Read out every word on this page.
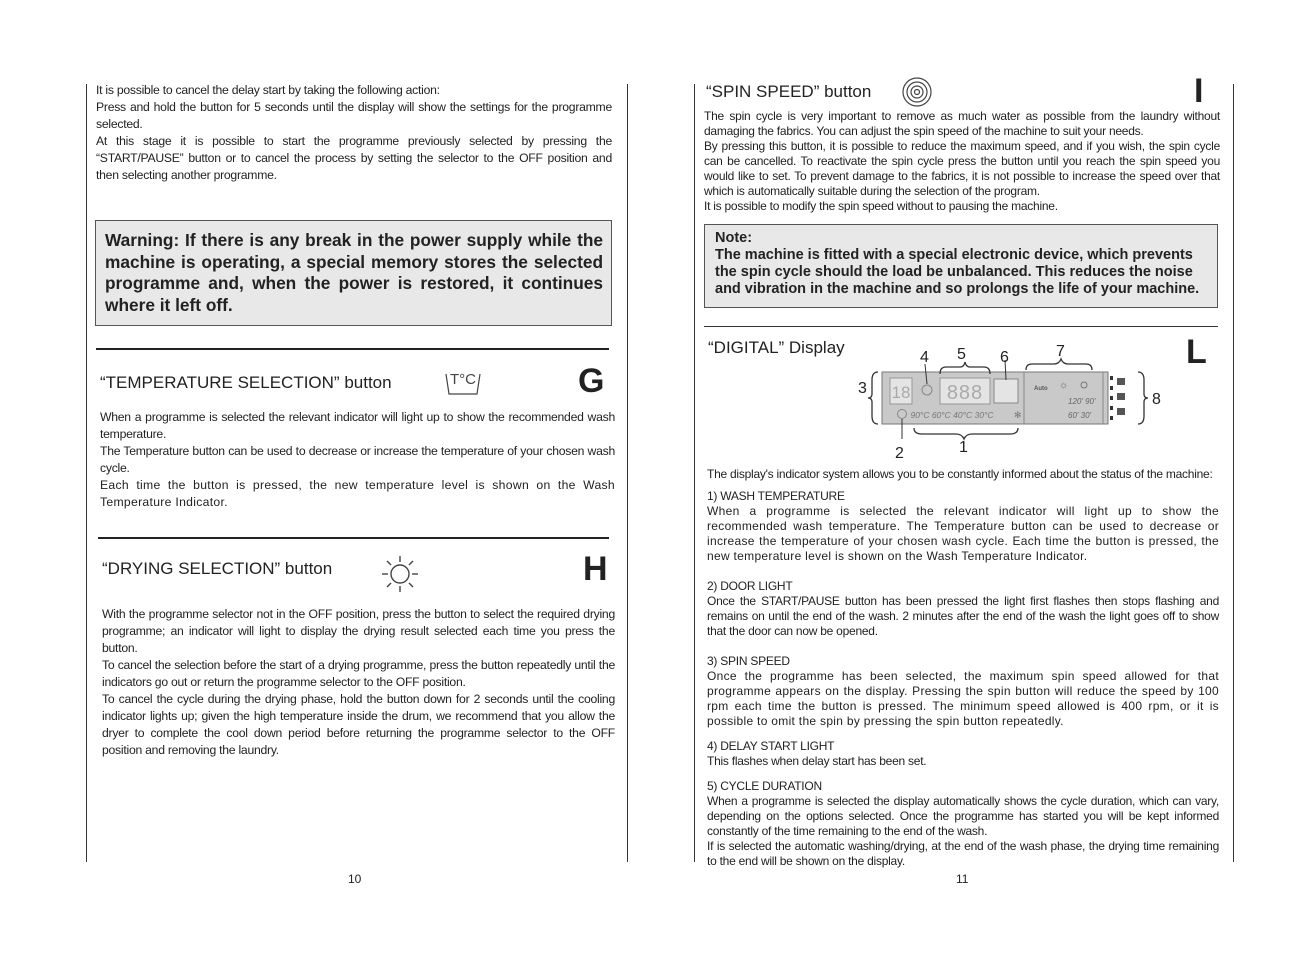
It is possible to cancel the delay start by taking the following action:

Press and hold the button for 5 seconds until the display will show the settings for the programme selected.

At this stage it is possible to start the programme previously selected by pressing the “START/PAUSE” button or to cancel the process by setting the selector to the OFF position and then selecting another programme.

Warning: If there is any break in the power supply while the machine is operating, a special memory stores the selected programme and, when the power is restored, it continues where it left off.
“TEMPERATURE SELECTION” button	T°C	G

When a programme is selected the relevant indicator will light up to show the recommended wash temperature.

The Temperature button can be used to decrease or increase the temperature of your chosen wash cycle.

Each time the button is pressed, the new temperature level is shown on the Wash Temperature Indicator.

“DRYING SELECTION” button	H

With the programme selector not in the OFF position, press the button to select the required drying programme; an indicator will light to display the drying result selected each time you press the button.

To cancel the selection before the start of a drying programme, press the button repeatedly until the indicators go out or return the programme selector to the OFF position.

To cancel the cycle during the drying phase, hold the button down for 2 seconds until the cooling indicator lights up; given the high temperature inside the drum, we recommend that you allow the dryer to complete the cool down period before returning the programme selector to the OFF position and removing the laundry.

10
“SPIN SPEED” button	I

The spin cycle is very important to remove as much water as possible from the laundry without damaging the fabrics. You can adjust the spin speed of the machine to suit your needs.

By pressing this button, it is possible to reduce the maximum speed, and if you wish, the spin cycle can be cancelled. To reactivate the spin cycle press the button until you reach the spin speed you would like to set. To prevent damage to the fabrics, it is not possible to increase the speed over that which is automatically suitable during the selection of the program.

It is possible to modify the spin speed without to pausing the machine.

Note:
The machine is fitted with a special electronic device, which prevents the spin cycle should the load be unbalanced. This reduces the noise and vibration in the machine and so prolongs the life of your machine.
“DIGITAL” Display	L
18 888
90°C 60°C 40°C 30°C ✻
Auto ☼
120' 90'
60' 30'
4 5 6	7
3
8
1
2

The display's indicator system allows you to be constantly informed about the status of the machine:

1) WASH TEMPERATURE

When a programme is selected the relevant indicator will light up to show the recommended wash temperature. The Temperature button can be used to decrease or increase the temperature of your chosen wash cycle. Each time the button is pressed, the new temperature level is shown on the Wash Temperature Indicator.

2) DOOR LIGHT

Once the START/PAUSE button has been pressed the light first flashes then stops flashing and remains on until the end of the wash. 2 minutes after the end of the wash the light goes off to show that the door can now be opened.

3) SPIN SPEED

Once the programme has been selected, the maximum spin speed allowed for that programme appears on the display. Pressing the spin button will reduce the speed by 100 rpm each time the button is pressed. The minimum speed allowed is 400 rpm, or it is possible to omit the spin by pressing the spin button repeatedly.

4) DELAY START LIGHT

This flashes when delay start has been set.

5) CYCLE DURATION

When a programme is selected the display automatically shows the cycle duration, which can vary, depending on the options selected. Once the programme has started you will be kept informed constantly of the time remaining to the end of the wash.

If is selected the automatic washing/drying, at the end of the wash phase, the drying time remaining to the end will be shown on the display.

11
